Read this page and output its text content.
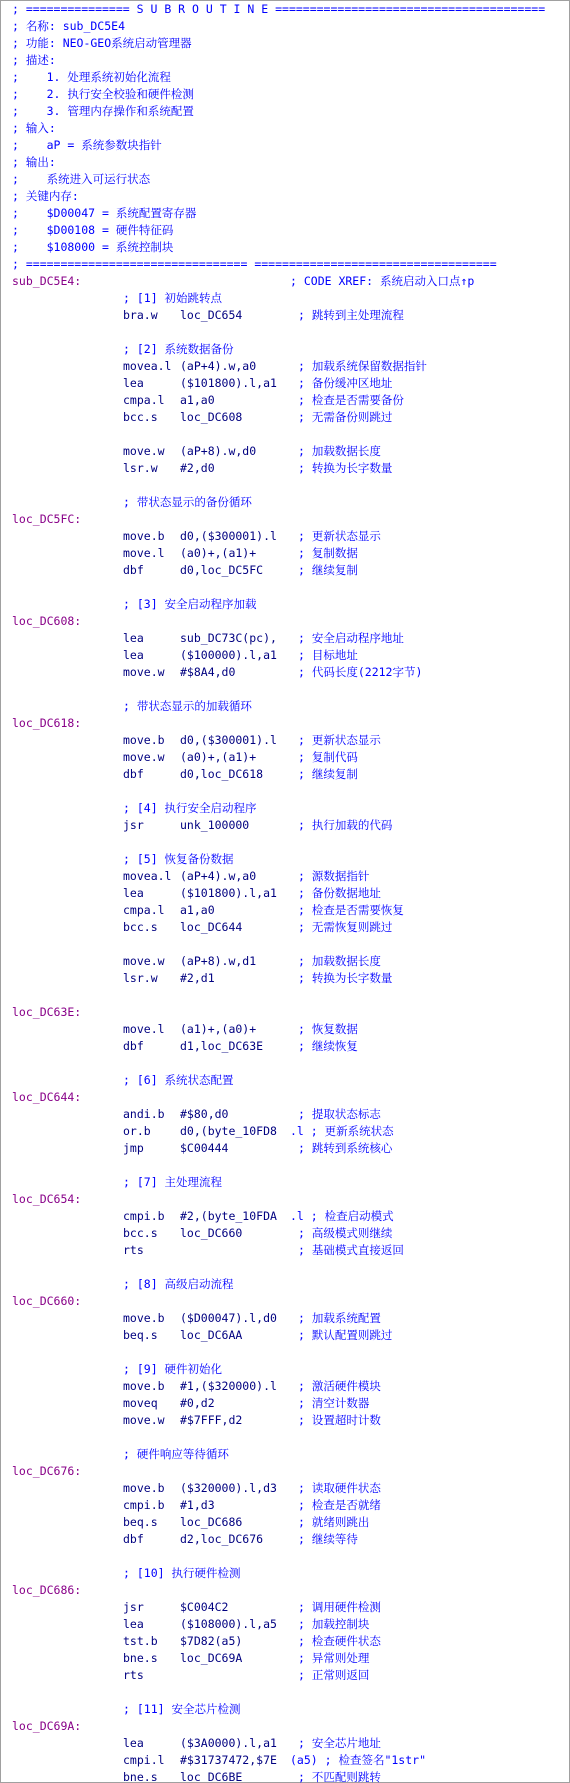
; =============== S U B R O U T I N E =======================================
; 名称: sub_DC5E4
; 功能: NEO-GEO系统启动管理器
; 描述:
;    1. 处理系统初始化流程
;    2. 执行安全校验和硬件检测
;    3. 管理内存操作和系统配置
; 输入:
;    aP = 系统参数块指针
; 输出:
;    系统进入可运行状态
; 关键内存:
;    $D00047 = 系统配置寄存器
;    $D00108 = 硬件特征码
;    $108000 = 系统控制块
; ================================ ===================================
sub_DC5E4:	; CODE XREF: 系统启动入口点↑p
; [1] 初始跳转点
bra.w loc_DC654	; 跳转到主处理流程
; [2] 系统数据备份
movea.l (aP+4).w,a0	; 加载系统保留数据指针
lea	($101800).l,a1 ; 备份缓冲区地址
cmpa.l a1,a0	; 检查是否需要备份
bcc.s loc_DC608	; 无需备份则跳过
move.w (aP+8).w,d0	; 加载数据长度
lsr.w #2,d0	; 转换为长字数量
; 带状态显示的备份循环
loc_DC5FC:
move.b d0,($300001).l ; 更新状态显示
move.l (a0)+,(a1)+	; 复制数据
dbf	d0,loc_DC5FC	; 继续复制
; [3] 安全启动程序加载
loc_DC608:
lea	sub_DC73C(pc), ; 安全启动程序地址
lea	($100000).l,a1 ; 目标地址
move.w #$8A4,d0	; 代码长度(2212字节)
; 带状态显示的加载循环
loc_DC618:
move.b d0,($300001).l ; 更新状态显示
move.w (a0)+,(a1)+	; 复制代码
dbf	d0,loc_DC618	; 继续复制
; [4] 执行安全启动程序
jsr	unk_100000	; 执行加载的代码
; [5] 恢复备份数据
movea.l (aP+4).w,a0	; 源数据指针
lea	($101800).l,a1 ; 备份数据地址
cmpa.l a1,a0	; 检查是否需要恢复
bcc.s loc_DC644	; 无需恢复则跳过
move.w (aP+8).w,d1	; 加载数据长度
lsr.w #2,d1	; 转换为长字数量
loc_DC63E:
move.l (a1)+,(a0)+	; 恢复数据
dbf	d1,loc_DC63E	; 继续恢复
; [6] 系统状态配置
loc_DC644:
andi.b #$80,d0	; 提取状态标志
or.b	d0,(byte_10FD8 .l ; 更新系统状态
jmp	$C00444	; 跳转到系统核心
; [7] 主处理流程
loc_DC654:
cmpi.b #2,(byte_10FDA .l ; 检查启动模式
bcc.s loc_DC660	; 高级模式则继续
rts	; 基础模式直接返回
; [8] 高级启动流程
loc_DC660:
move.b ($D00047).l,d0 ; 加载系统配置
beq.s loc_DC6AA	; 默认配置则跳过
; [9] 硬件初始化
move.b #1,($320000).l ; 激活硬件模块
moveq #0,d2	; 清空计数器
move.w #$7FFF,d2	; 设置超时计数
; 硬件响应等待循环
loc_DC676:
move.b ($320000).l,d3 ; 读取硬件状态
cmpi.b #1,d3	; 检查是否就绪
beq.s loc_DC686	; 就绪则跳出
dbf	d2,loc_DC676	; 继续等待
; [10] 执行硬件检测
loc_DC686:
jsr	$C004C2	; 调用硬件检测
lea	($108000).l,a5 ; 加载控制块
tst.b $7D82(a5)	; 检查硬件状态
bne.s loc_DC69A	; 异常则处理
rts	; 正常则返回
; [11] 安全芯片检测
loc_DC69A:
lea	($3A0000).l,a1 ; 安全芯片地址
cmpi.l #$31737472,$7E (a5) ; 检查签名"1str"
bne.s loc_DC6BE	; 不匹配则跳转
